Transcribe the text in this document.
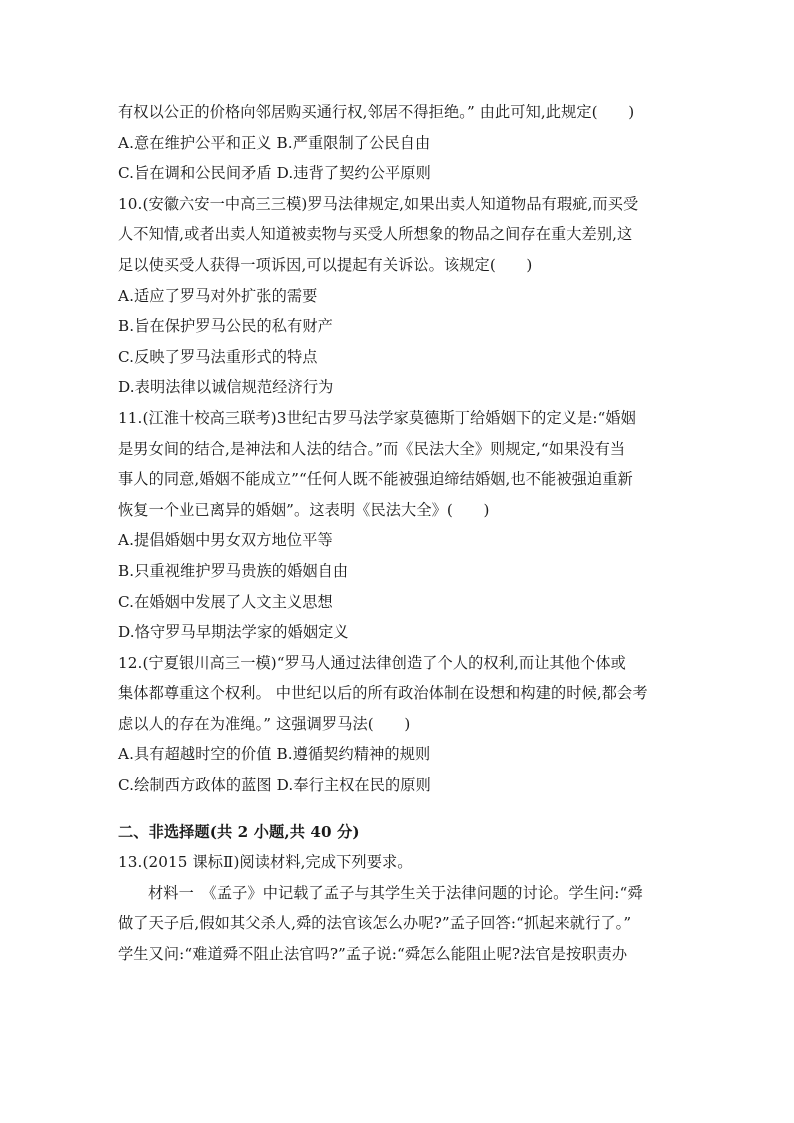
有权以公正的价格向邻居购买通行权,邻居不得拒绝。” 由此可知,此规定(　　)
A.意在维护公平和正义 B.严重限制了公民自由
C.旨在调和公民间矛盾 D.违背了契约公平原则
10.(安徽六安一中高三三模)罗马法律规定,如果出卖人知道物品有瑕疵,而买受
人不知情,或者出卖人知道被卖物与买受人所想象的物品之间存在重大差别,这
足以使买受人获得一项诉因,可以提起有关诉讼。该规定(　　)
A.适应了罗马对外扩张的需要
B.旨在保护罗马公民的私有财产
C.反映了罗马法重形式的特点
D.表明法律以诚信规范经济行为
11.(江淮十校高三联考)3世纪古罗马法学家莫德斯丁给婚姻下的定义是:“婚姻
是男女间的结合,是神法和人法的结合。”而《民法大全》则规定,“如果没有当
事人的同意,婚姻不能成立”“任何人既不能被强迫缔结婚姻,也不能被强迫重新
恢复一个业已离异的婚姻”。这表明《民法大全》(　　)
A.提倡婚姻中男女双方地位平等
B.只重视维护罗马贵族的婚姻自由
C.在婚姻中发展了人文主义思想
D.恪守罗马早期法学家的婚姻定义
12.(宁夏银川高三一模)“罗马人通过法律创造了个人的权利,而让其他个体或
集体都尊重这个权利。 中世纪以后的所有政治体制在设想和构建的时候,都会考
虑以人的存在为准绳。” 这强调罗马法(　　)
A.具有超越时空的价值 B.遵循契约精神的规则
C.绘制西方政体的蓝图 D.奉行主权在民的原则
二、非选择题(共 2 小题,共 40 分)
13.(2015 课标Ⅱ)阅读材料,完成下列要求。
材料一　《孟子》中记载了孟子与其学生关于法律问题的讨论。学生问:“舜
做了天子后,假如其父杀人,舜的法官该怎么办呢?”孟子回答:“抓起来就行了。”
学生又问:“难道舜不阻止法官吗?”孟子说:“舜怎么能阻止呢?法官是按职责办
